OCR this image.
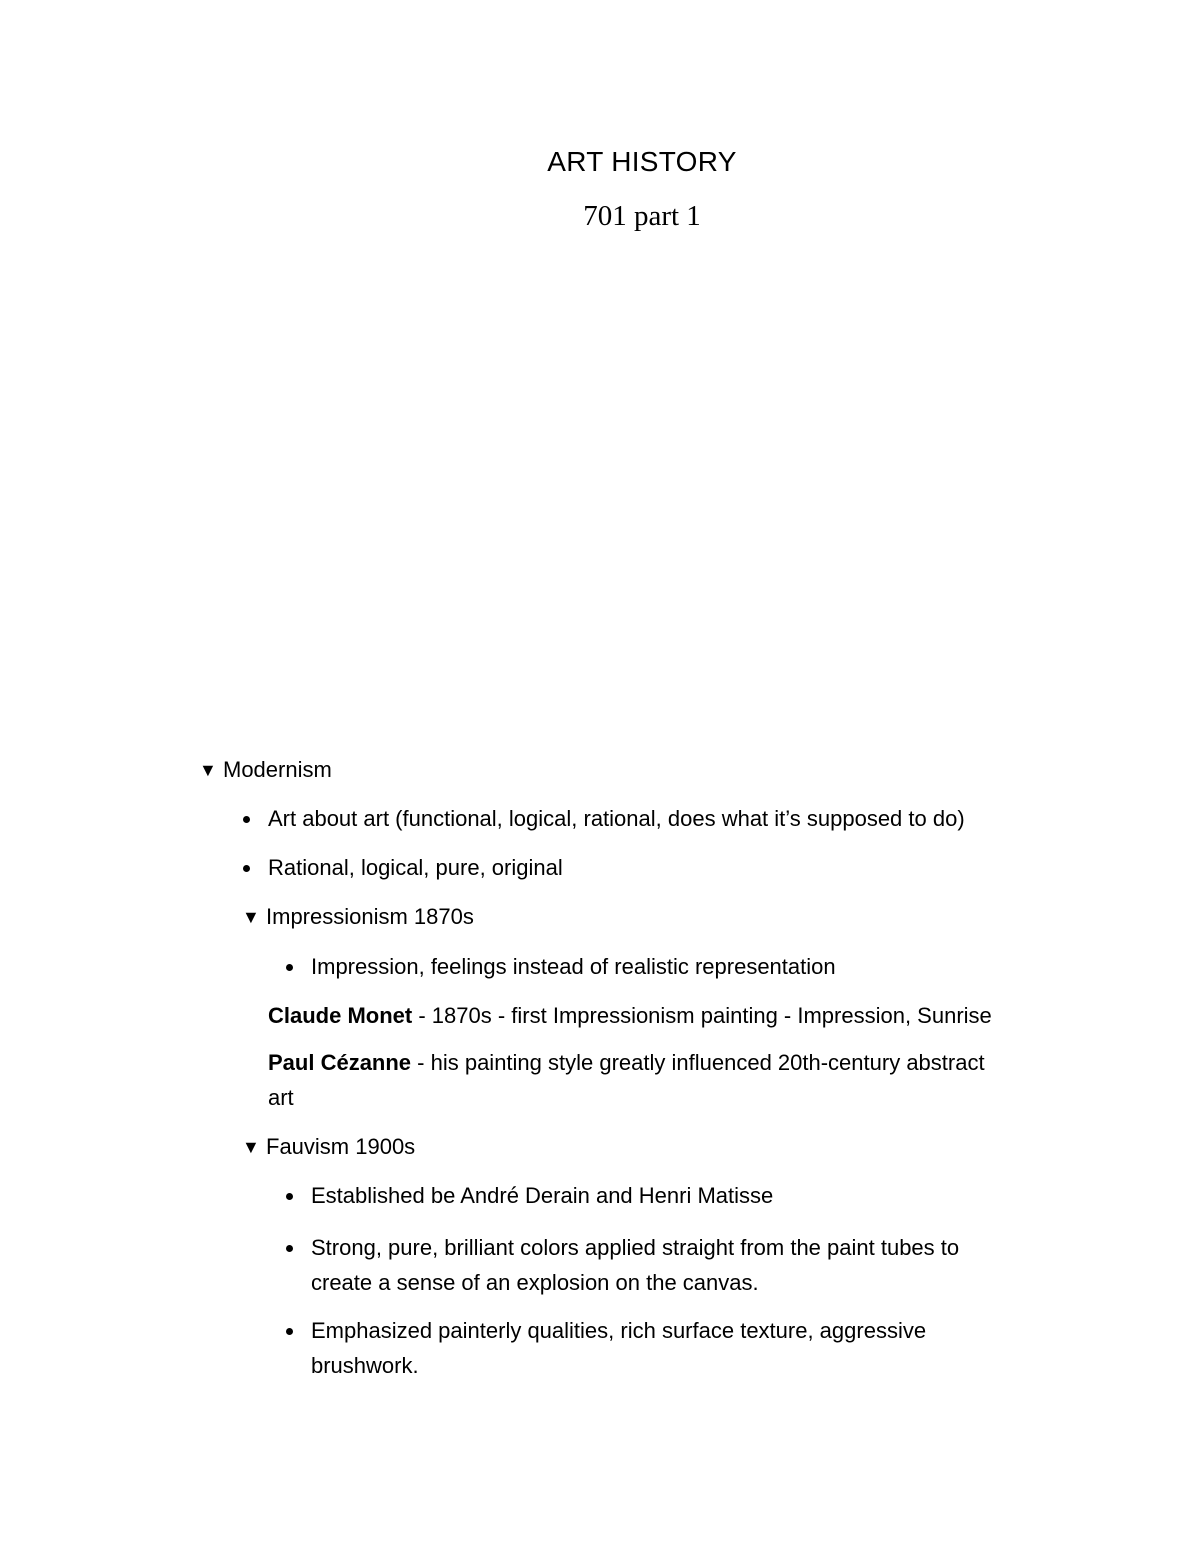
ART HISTORY
701 part 1
▼ Modernism
Art about art (functional, logical, rational, does what it’s supposed to do)
Rational, logical, pure, original
▼ Impressionism 1870s
Impression, feelings instead of realistic representation
Claude Monet - 1870s - first Impressionism painting - Impression, Sunrise
Paul Cézanne - his painting style greatly influenced 20th-century abstract
art
▼ Fauvism 1900s
Established be André Derain and Henri Matisse
Strong, pure, brilliant colors applied straight from the paint tubes to
create a sense of an explosion on the canvas.
Emphasized painterly qualities, rich surface texture, aggressive
brushwork.
